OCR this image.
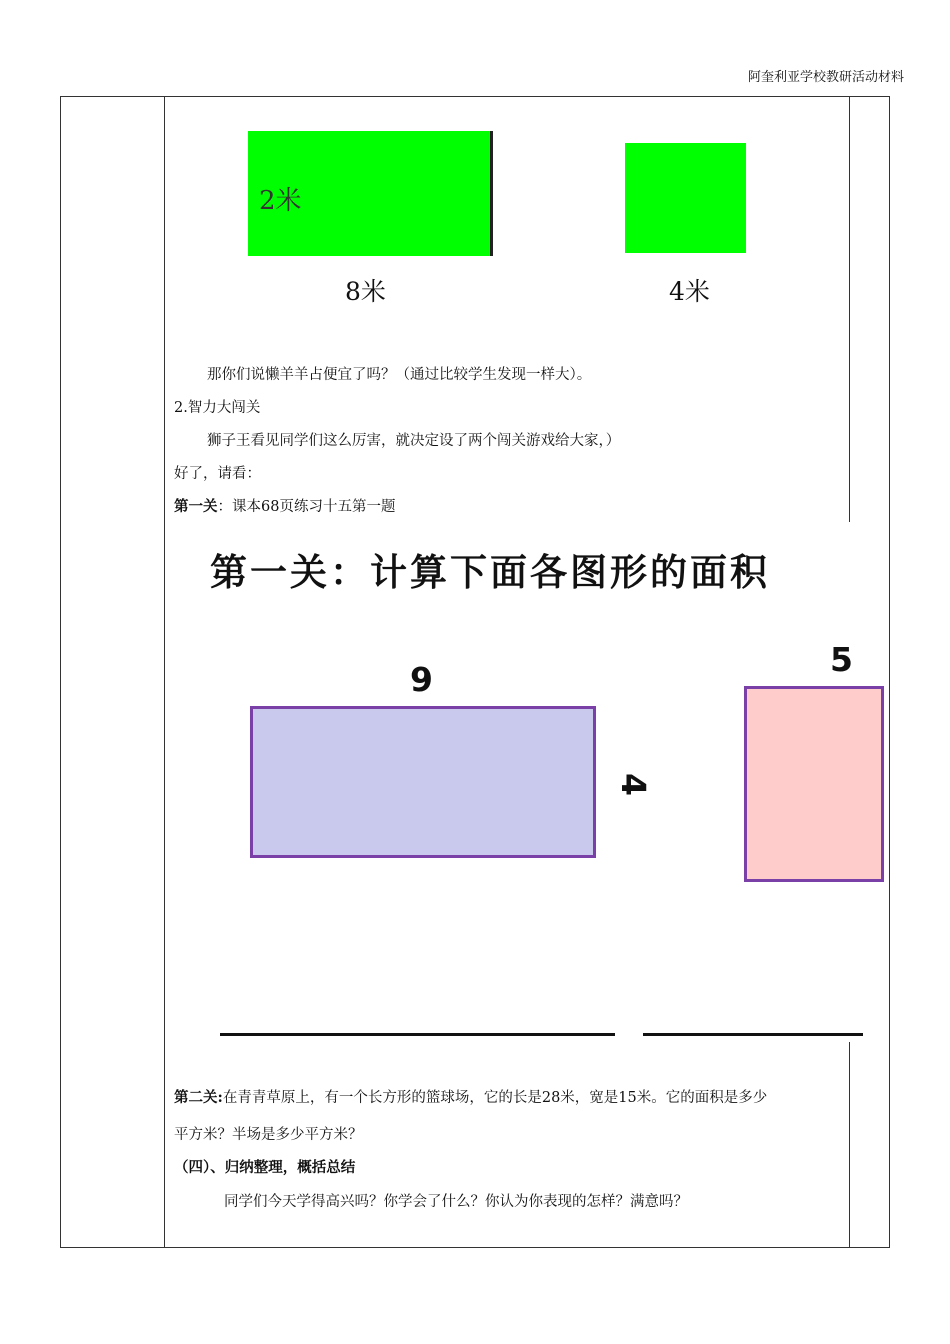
阿奎利亚学校教研活动材料
2米
8米	4米
那你们说懒羊羊占便宜了吗？（通过比较学生发现一样大）。
2.智力大闯关
狮子王看见同学们这么厉害，就决定设了两个闯关游戏给大家，）
好了，请看：
第一关：课本68页练习十五第一题
第一关：计算下面各图形的面积
9
4
5
第二关:在青青草原上，有一个长方形的篮球场，它的长是28米，宽是15米。它的面积是多少
平方米？半场是多少平方米？
（四）、归纳整理，概括总结
同学们今天学得高兴吗？你学会了什么？你认为你表现的怎样？满意吗？
